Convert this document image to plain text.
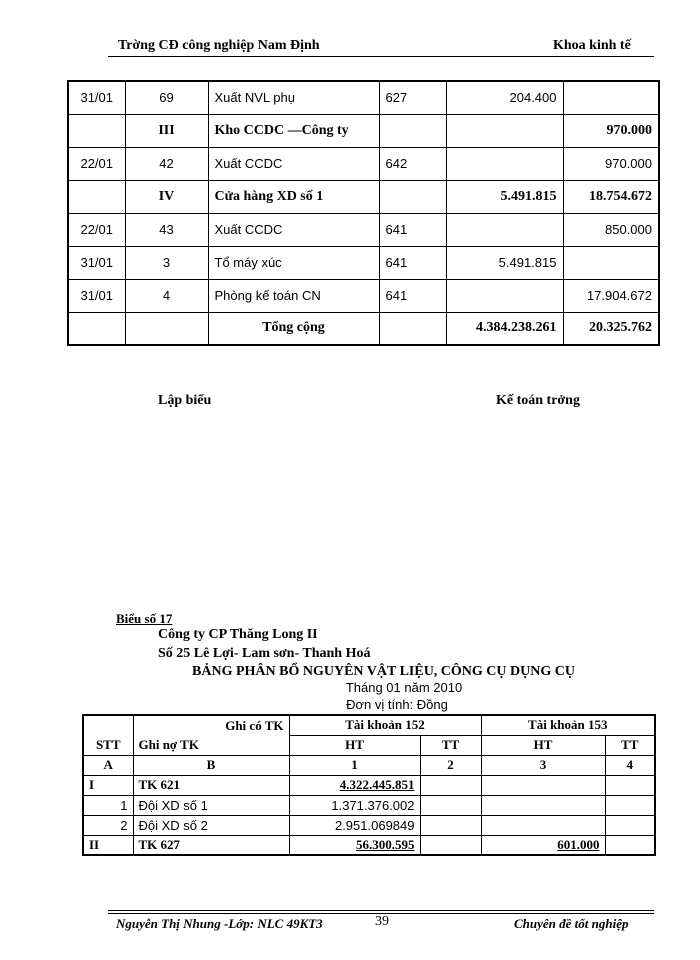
Trờng CĐ công nghiệp Nam Định	Khoa kinh tế
31/01	69	Xuất NVL phụ	627	204.400	
	III	Kho CCDC —Công ty			970.000
22/01	42	Xuất CCDC	642		970.000
	IV	Cửa hàng XD số 1		5.491.815	18.754.672
22/01	43	Xuất CCDC	641		850.000
31/01	3	Tổ máy xúc	641	5.491.815	
31/01	4	Phòng kế toán CN	641		17.904.672
		Tổng cộng		4.384.238.261	20.325.762
Lập biểu	Kế toán trởng
Biểu số 17
Công ty CP Thăng Long II
Số 25 Lê Lợi- Lam sơn- Thanh Hoá
BẢNG PHÂN BỔ NGUYÊN VẬT LIỆU, CÔNG CỤ DỤNG CỤ
Tháng 01 năm 2010
Đơn vị tính: Đồng
	Ghi có TK	Tài khoản 152		Tài khoản 153	
STT	Ghi nợ TK	HT	TT	HT	TT
A	B	1	2	3	4
I	TK 621	4.322.445.851			
1	Đội XD số 1	1.371.376.002			
2	Đội XD số 2	2.951.069849			
II	TK 627	56.300.595		601.000	
Nguyễn Thị Nhung -Lớp: NLC 49KT3	39	Chuyên đề tốt nghiệp
